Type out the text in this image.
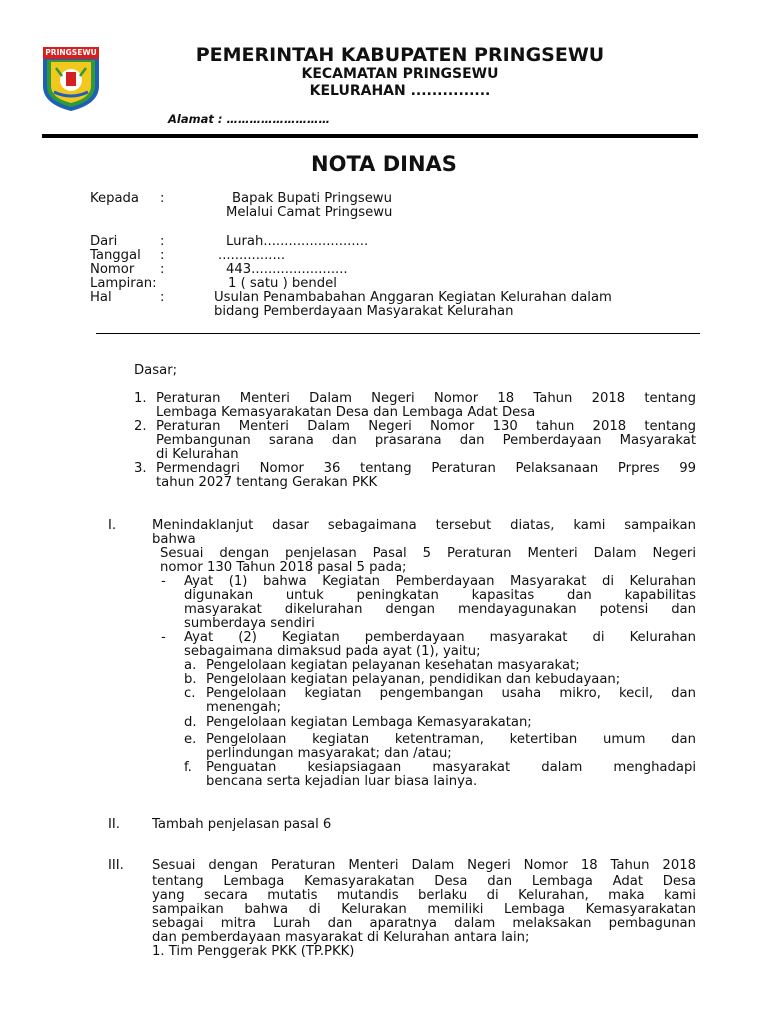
PRINGSEWU	PEMERINTAH KABUPATEN PRINGSEWU
KECAMATAN PRINGSEWU
KELURAHAN ...............
Alamat : ………………………
NOTA DINAS
Kepada :	Bapak Bupati Pringsewu
Melalui Camat Pringsewu
Dari	:	Lurah.........................
Tanggal :	................
Nomor :	443.......................
Lampiran:	1 ( satu ) bendel
Hal	:	Usulan Penambabahan Anggaran Kegiatan Kelurahan dalam
bidang Pemberdayaan Masyarakat Kelurahan
Dasar;
1. Peraturan Menteri Dalam Negeri Nomor 18 Tahun 2018 tentang
Lembaga Kemasyarakatan Desa dan Lembaga Adat Desa
2. Peraturan Menteri Dalam Negeri Nomor 130 tahun 2018 tentang
Pembangunan sarana dan prasarana dan Pemberdayaan Masyarakat
di Kelurahan
3. Permendagri Nomor 36 tentang Peraturan Pelaksanaan Prpres 99
tahun 2027 tentang Gerakan PKK
I.	Menindaklanjut dasar sebagaimana tersebut diatas, kami sampaikan
bahwa
Sesuai dengan penjelasan Pasal 5 Peraturan Menteri Dalam Negeri
nomor 130 Tahun 2018 pasal 5 pada;
- Ayat (1) bahwa Kegiatan Pemberdayaan Masyarakat di Kelurahan
digunakan untuk peningkatan kapasitas dan kapabilitas
masyarakat dikelurahan dengan mendayagunakan potensi dan
sumberdaya sendiri
- Ayat (2) Kegiatan pemberdayaan masyarakat di Kelurahan
sebagaimana dimaksud pada ayat (1), yaitu;
a. Pengelolaan kegiatan pelayanan kesehatan masyarakat;
b. Pengelolaan kegiatan pelayanan, pendidikan dan kebudayaan;
c. Pengelolaan kegiatan pengembangan usaha mikro, kecil, dan
menengah;
d. Pengelolaan kegiatan Lembaga Kemasyarakatan;
e. Pengelolaan kegiatan ketentraman, ketertiban umum dan
perlindungan masyarakat; dan /atau;
f. Penguatan kesiapsiagaan masyarakat dalam menghadapi
bencana serta kejadian luar biasa lainya.
II. Tambah penjelasan pasal 6
III. Sesuai dengan Peraturan Menteri Dalam Negeri Nomor 18 Tahun 2018
tentang Lembaga Kemasyarakatan Desa dan Lembaga Adat Desa
yang secara mutatis mutandis berlaku di Kelurahan, maka kami
sampaikan bahwa di Kelurakan memiliki Lembaga Kemasyarakatan
sebagai mitra Lurah dan aparatnya dalam melaksakan pembagunan
dan pemberdayaan masyarakat di Kelurahan antara lain;
1. Tim Penggerak PKK (TP.PKK)
